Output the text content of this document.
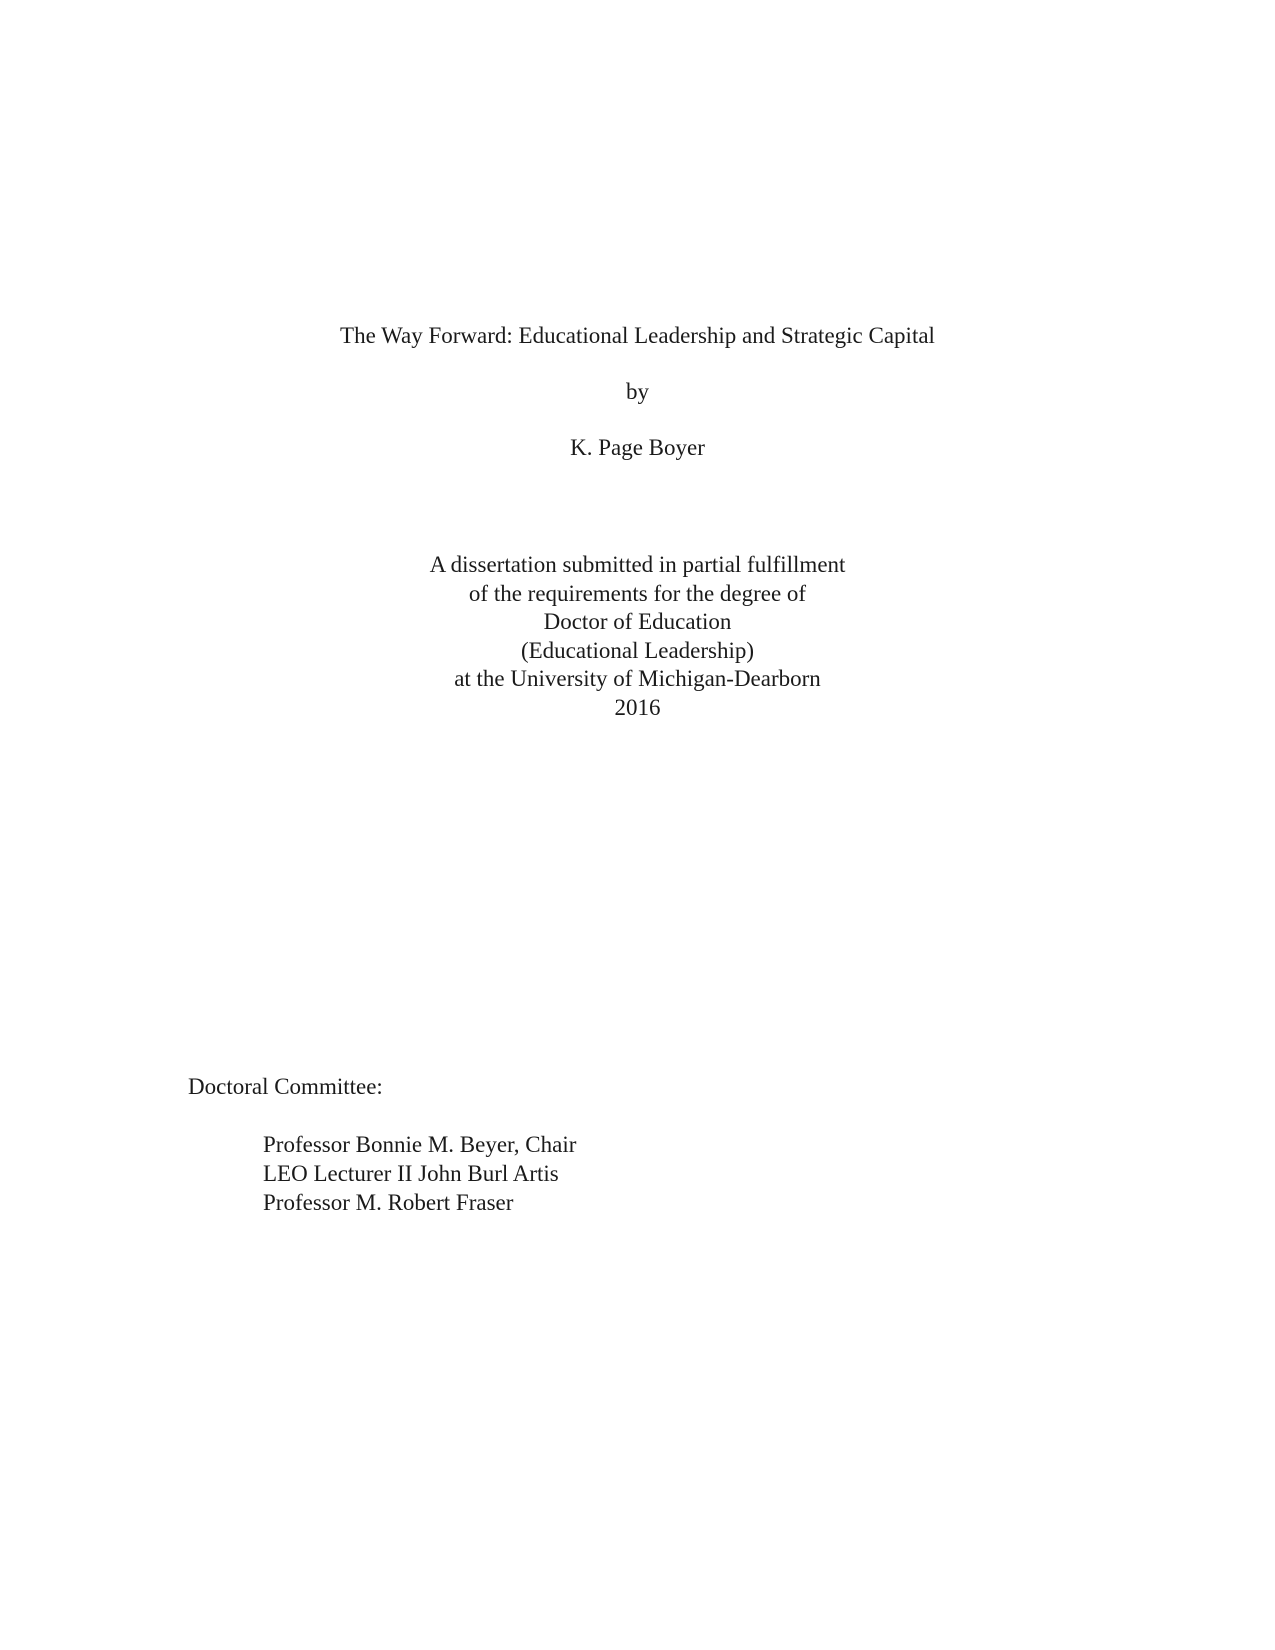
The Way Forward: Educational Leadership and Strategic Capital
by
K. Page Boyer
A dissertation submitted in partial fulfillment
of the requirements for the degree of
Doctor of Education
(Educational Leadership)
at the University of Michigan-Dearborn
2016
Doctoral Committee:
Professor Bonnie M. Beyer, Chair
LEO Lecturer II John Burl Artis
Professor M. Robert Fraser
